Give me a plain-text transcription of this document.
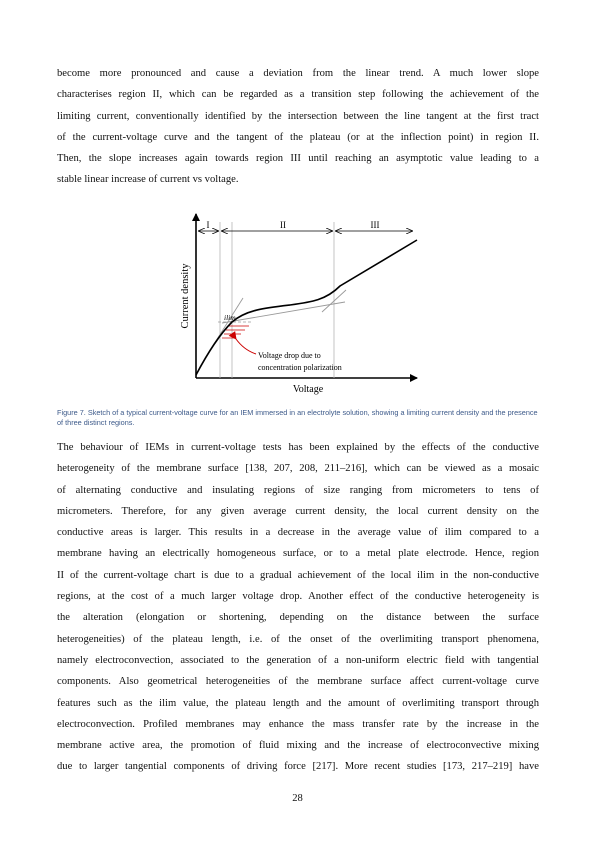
become more pronounced and cause a deviation from the linear trend. A much lower slope
characterises region II, which can be regarded as a transition step following the achievement of the
limiting current, conventionally identified by the intersection between the line tangent at the first tract
of the current-voltage curve and the tangent of the plateau (or at the inflection point) in region II.
Then, the slope increases again towards region III until reaching an asymptotic value leading to a
stable linear increase of current vs voltage.
I	II	III
ilim
Voltage drop due to
concentration polarization
Current density
Voltage
Figure 7. Sketch of a typical current-voltage curve for an IEM immersed in an electrolyte solution, showing a limiting current density and the presence of three distinct regions.
The behaviour of IEMs in current-voltage tests has been explained by the effects of the conductive
heterogeneity of the membrane surface [138, 207, 208, 211–216], which can be viewed as a mosaic
of alternating conductive and insulating regions of size ranging from micrometers to tens of
micrometers. Therefore, for any given average current density, the local current density on the
conductive areas is larger. This results in a decrease in the average value of ilim compared to a
membrane having an electrically homogeneous surface, or to a metal plate electrode. Hence, region
II of the current-voltage chart is due to a gradual achievement of the local ilim in the non-conductive
regions, at the cost of a much larger voltage drop. Another effect of the conductive heterogeneity is
the alteration (elongation or shortening, depending on the distance between the surface
heterogeneities) of the plateau length, i.e. of the onset of the overlimiting transport phenomena,
namely electroconvection, associated to the generation of a non-uniform electric field with tangential
components. Also geometrical heterogeneities of the membrane surface affect current-voltage curve
features such as the ilim value, the plateau length and the amount of overlimiting transport through
electroconvection. Profiled membranes may enhance the mass transfer rate by the increase in the
membrane active area, the promotion of fluid mixing and the increase of electroconvective mixing
due to larger tangential components of driving force [217]. More recent studies [173, 217–219] have
28
